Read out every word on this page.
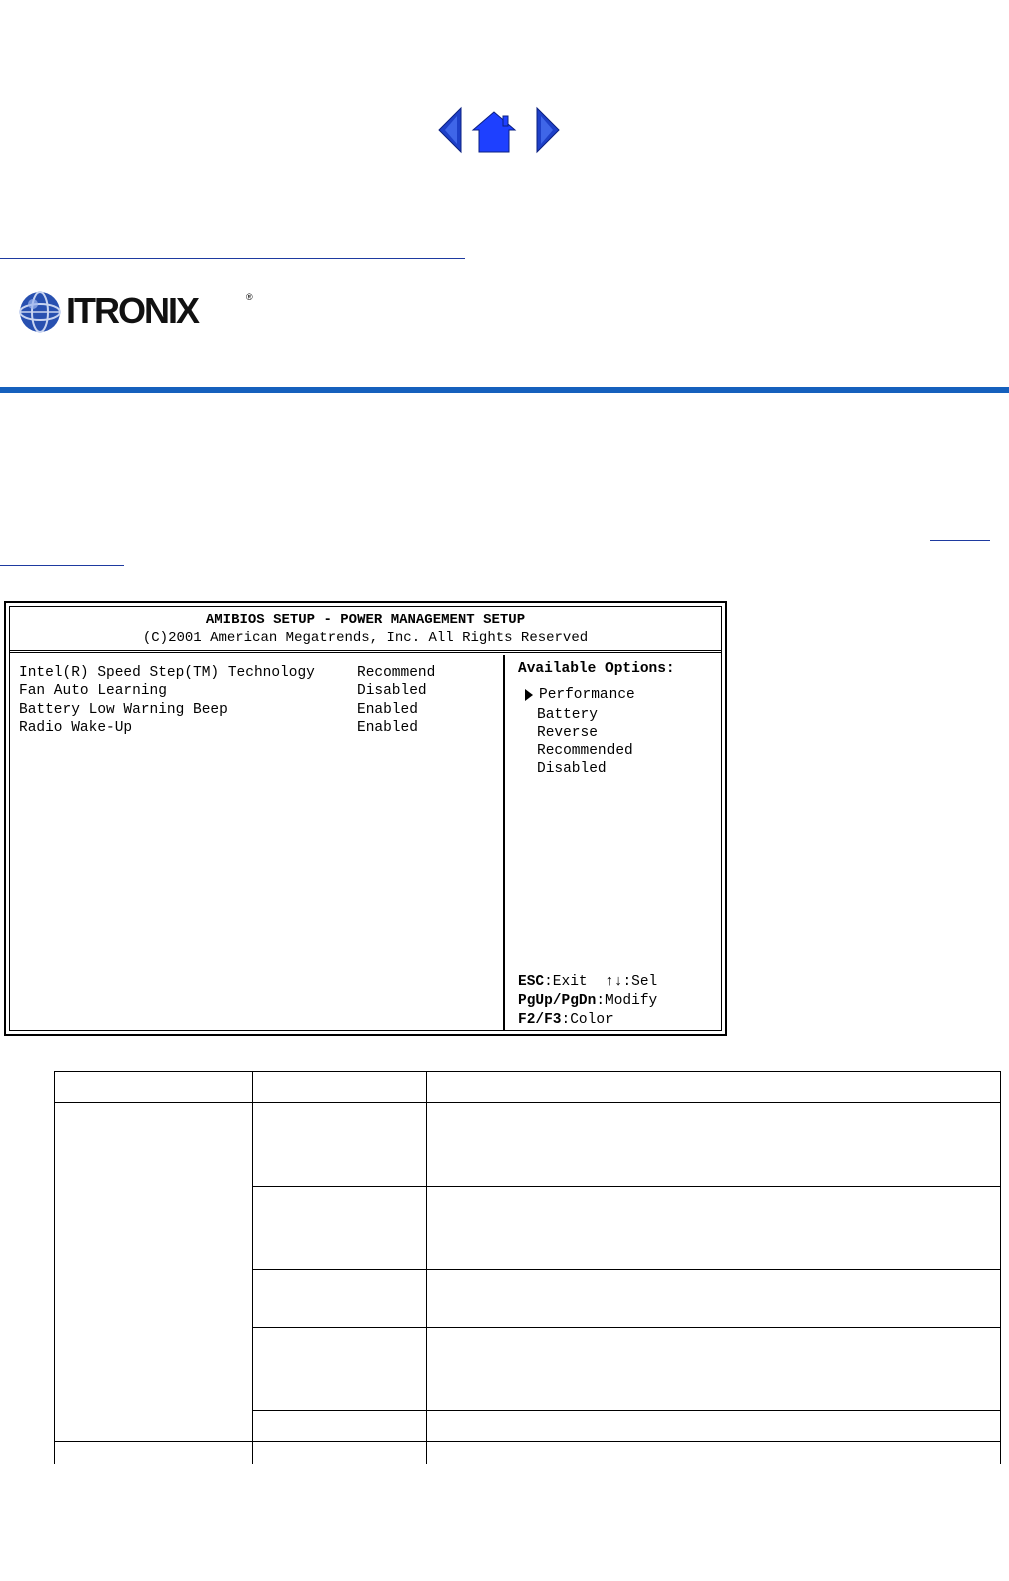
ITRONIX	®
AMIBIOS SETUP - POWER MANAGEMENT SETUP
(C)2001 American Megatrends, Inc. All Rights Reserved
Intel(R) Speed Step(TM) Technology	Recommend
Fan Auto Learning	Disabled
Battery Low Warning Beep	Enabled
Radio Wake-Up	Enabled
Available Options:
Performance
Battery
Reverse
Recommended
Disabled
ESC:Exit ↑↓:Sel
PgUp/PgDn:Modify
F2/F3:Color
